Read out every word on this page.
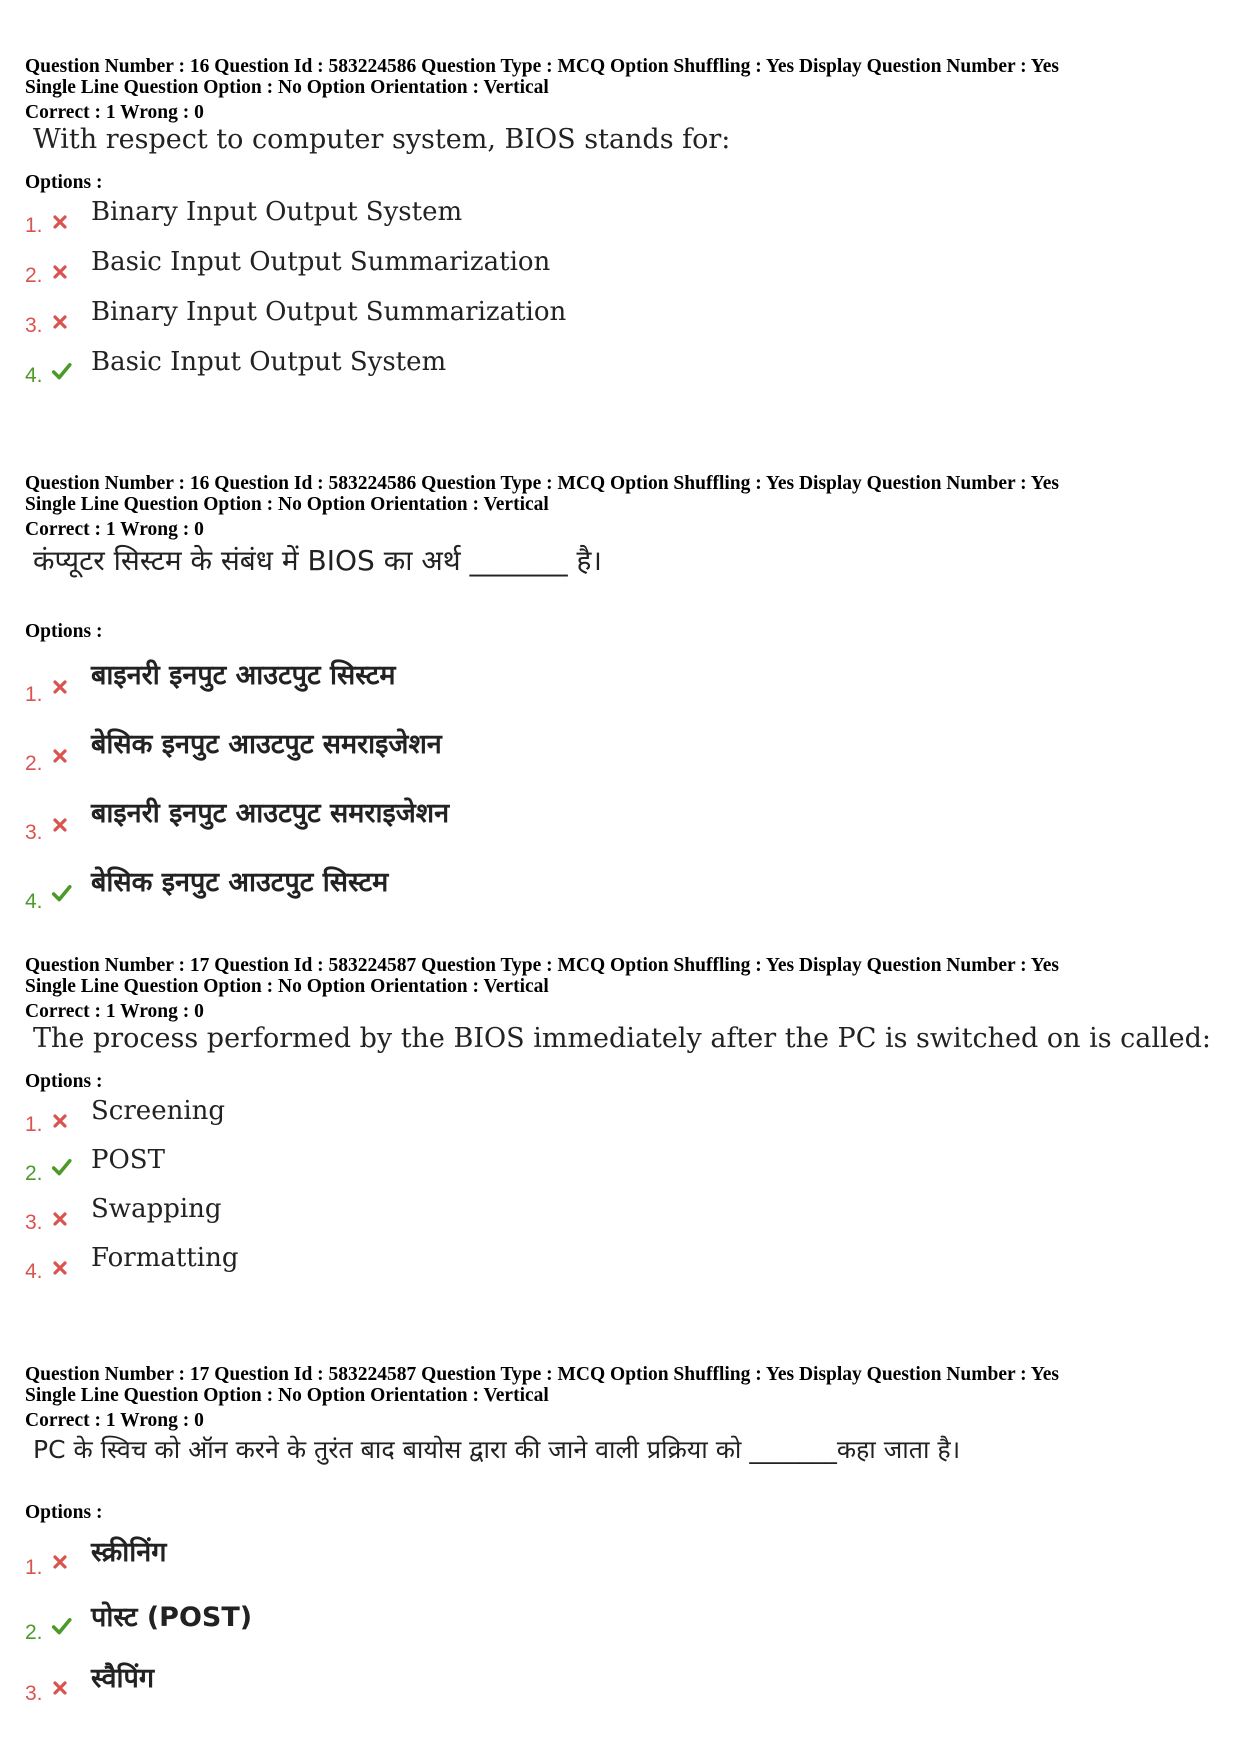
Question Number : 16 Question Id : 583224586 Question Type : MCQ Option Shuffling : Yes Display Question Number : Yes
Single Line Question Option : No Option Orientation : Vertical
Correct : 1 Wrong : 0
With respect to computer system, BIOS stands for:
Options :
1. Binary Input Output System
2. Basic Input Output Summarization
3. Binary Input Output Summarization
4. Basic Input Output System
Question Number : 16 Question Id : 583224586 Question Type : MCQ Option Shuffling : Yes Display Question Number : Yes
Single Line Question Option : No Option Orientation : Vertical
Correct : 1 Wrong : 0
कंप्यूटर सिस्टम के संबंध में BIOS का अर्थ _______ है।
Options :
1.
बाइनरी इनपुट आउटपुट सिस्टम
2.
बेसिक इनपुट आउटपुट समराइजेशन
3.
बाइनरी इनपुट आउटपुट समराइजेशन
4.
बेसिक इनपुट आउटपुट सिस्टम
Question Number : 17 Question Id : 583224587 Question Type : MCQ Option Shuffling : Yes Display Question Number : Yes
Single Line Question Option : No Option Orientation : Vertical
Correct : 1 Wrong : 0
The process performed by the BIOS immediately after the PC is switched on is called:
Options :
1. Screening
2. POST
3. Swapping
4. Formatting
Question Number : 17 Question Id : 583224587 Question Type : MCQ Option Shuffling : Yes Display Question Number : Yes
Single Line Question Option : No Option Orientation : Vertical
Correct : 1 Wrong : 0
PC के स्विच को ऑन करने के तुरंत बाद बायोस द्वारा की जाने वाली प्रक्रिया को _______कहा जाता है।
Options :
1. स्क्रीनिंग
2. पोस्ट (POST)
3. स्वैपिंग
